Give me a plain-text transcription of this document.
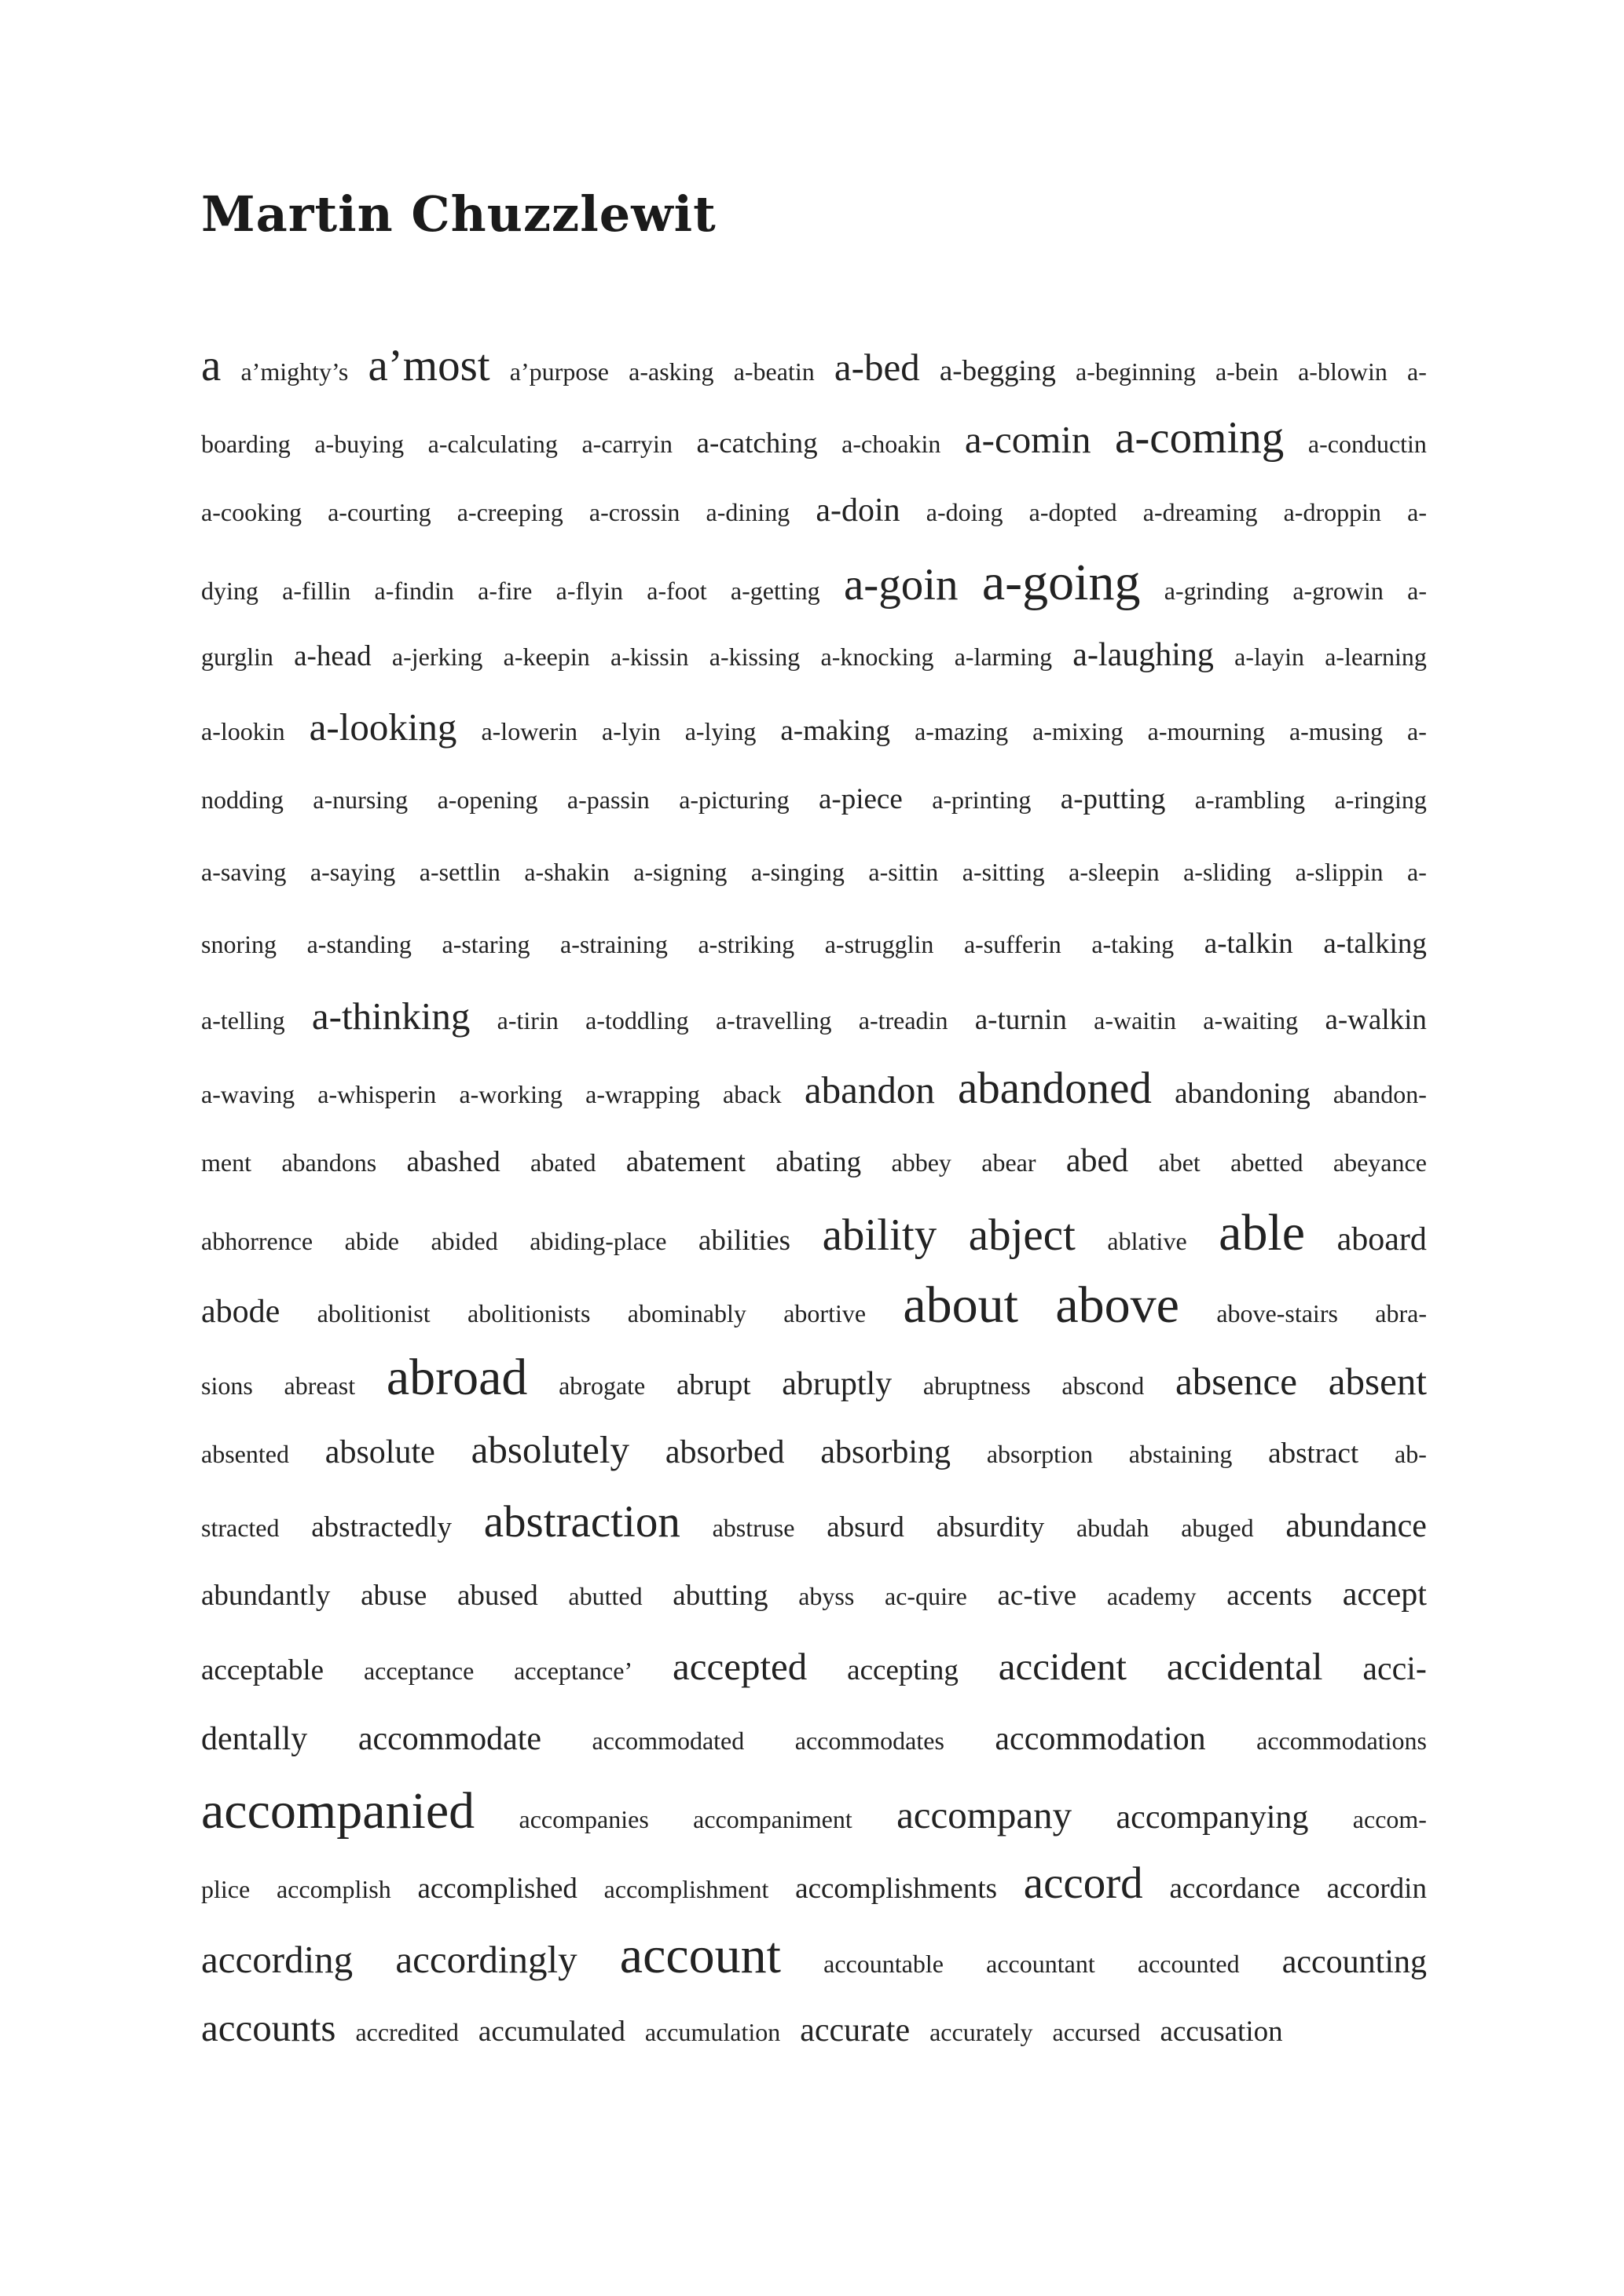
Martin Chuzzlewit
a a’mighty’s a’most a’purpose a-asking a-beatin a-bed a-begging a-beginning a-bein a-blowin a-
boarding a-buying a-calculating a-carryin a-catching a-choakin a-comin a-coming a-conductin
a-cooking a-courting a-creeping a-crossin a-dining a-doin a-doing a-dopted a-dreaming a-droppin a-
dying a-fillin a-findin a-fire a-flyin a-foot a-getting a-goin a-going a-grinding a-growin a-
gurglin a-head a-jerking a-keepin a-kissin a-kissing a-knocking a-larming a-laughing a-layin a-learning
a-lookin a-looking a-lowerin a-lyin a-lying a-making a-mazing a-mixing a-mourning a-musing a-
nodding a-nursing a-opening a-passin a-picturing a-piece a-printing a-putting a-rambling a-ringing
a-saving a-saying a-settlin a-shakin a-signing a-singing a-sittin a-sitting a-sleepin a-sliding a-slippin a-
snoring a-standing a-staring a-straining a-striking a-strugglin a-sufferin a-taking a-talkin a-talking
a-telling a-thinking a-tirin a-toddling a-travelling a-treadin a-turnin a-waitin a-waiting a-walkin
a-waving a-whisperin a-working a-wrapping aback abandon abandoned abandoning abandon-
ment abandons abashed abated abatement abating abbey abear abed abet abetted abeyance
abhorrence abide abided abiding-place abilities ability abject ablative able aboard
abode abolitionist abolitionists abominably abortive about above above-stairs abra-
sions abreast abroad abrogate abrupt abruptly abruptness abscond absence absent
absented absolute absolutely absorbed absorbing absorption abstaining abstract ab-
stracted abstractedly abstraction abstruse absurd absurdity abudah abuged abundance
abundantly abuse abused abutted abutting abyss ac-quire ac-tive academy accents accept
acceptable acceptance acceptance’ accepted accepting accident accidental acci-
dentally accommodate accommodated accommodates accommodation accommodations
accompanied accompanies accompaniment accompany accompanying accom-
plice accomplish accomplished accomplishment accomplishments accord accordance accordin
according accordingly account accountable accountant accounted accounting
accounts accredited accumulated accumulation accurate accurately accursed accusation
